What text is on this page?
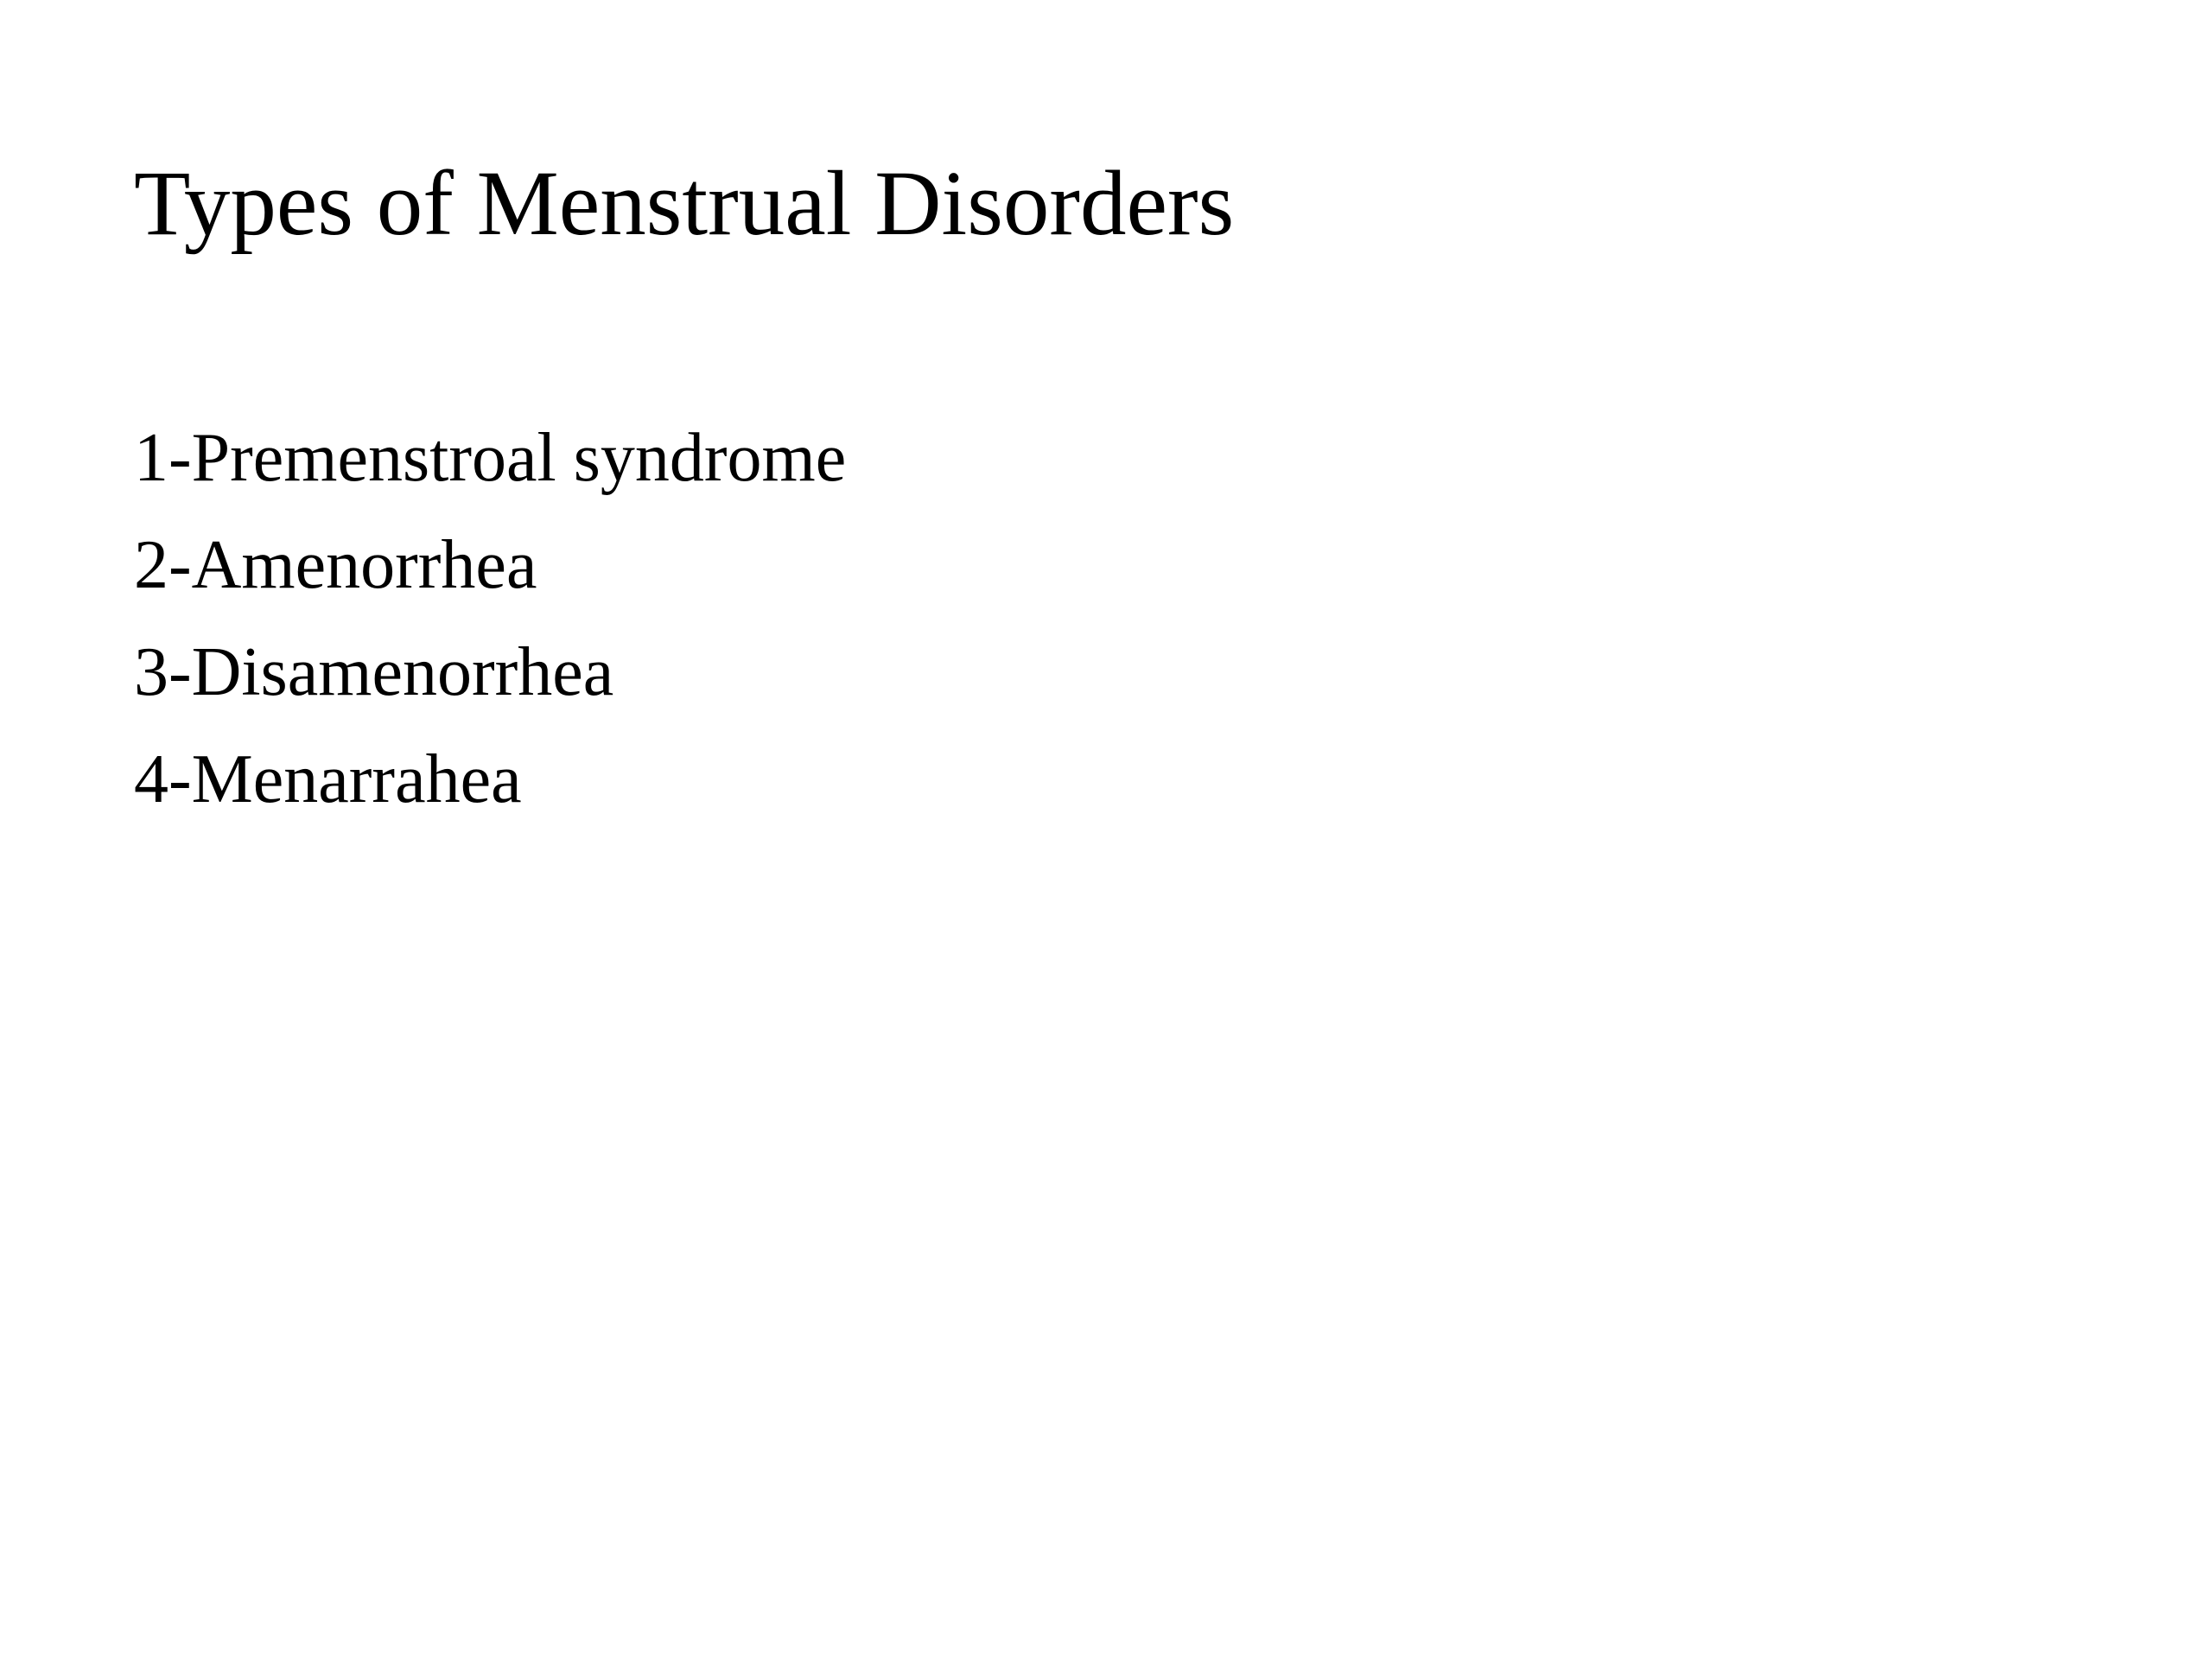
Types of Menstrual Disorders
1-Premenstroal syndrome
2-Amenorrhea
3-Disamenorrhea
4-Menarrahea
